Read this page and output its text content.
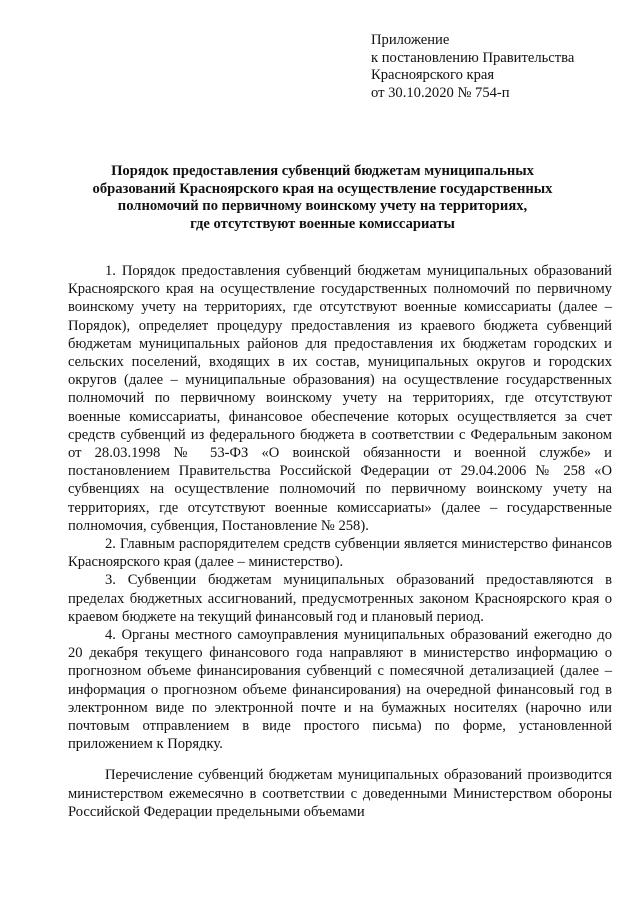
Приложение
к постановлению Правительства
Красноярского края
от 30.10.2020 № 754-п
Порядок предоставления субвенций бюджетам муниципальных
образований Красноярского края на осуществление государственных
полномочий по первичному воинскому учету на территориях,
где отсутствуют военные комиссариаты

1. Порядок предоставления субвенций бюджетам муниципальных образований Красноярского края на осуществление государственных полномочий по первичному воинскому учету на территориях, где отсутствуют военные комиссариаты (далее – Порядок), определяет процедуру предоставления из краевого бюджета субвенций бюджетам муниципальных районов для предоставления их бюджетам городских и сельских поселений, входящих в их состав, муниципальных округов и городских округов (далее – муниципальные образования) на осуществление государственных полномочий по первичному воинскому учету на территориях, где отсутствуют военные комиссариаты, финансовое обеспечение которых осуществляется за счет средств субвенций из федерального бюджета в соответствии с Федеральным законом от 28.03.1998 № 53-ФЗ «О воинской обязанности и военной службе» и постановлением Правительства Российской Федерации от 29.04.2006 № 258 «О субвенциях на осуществление полномочий по первичному воинскому учету на территориях, где отсутствуют военные комиссариаты» (далее – государственные полномочия, субвенция, Постановление № 258).

2. Главным распорядителем средств субвенции является министерство финансов Красноярского края (далее – министерство).

3. Субвенции бюджетам муниципальных образований предоставляются в пределах бюджетных ассигнований, предусмотренных законом Красноярского края о краевом бюджете на текущий финансовый год и плановый период.

4. Органы местного самоуправления муниципальных образований ежегодно до 20 декабря текущего финансового года направляют в министерство информацию о прогнозном объеме финансирования субвенций с помесячной детализацией (далее – информация о прогнозном объеме финансирования) на очередной финансовый год в электронном виде по электронной почте и на бумажных носителях (нарочно или почтовым отправлением в виде простого письма) по форме, установленной приложением к Порядку.

Перечисление субвенций бюджетам муниципальных образований производится министерством ежемесячно в соответствии с доведенными Министерством обороны Российской Федерации предельными объемами
